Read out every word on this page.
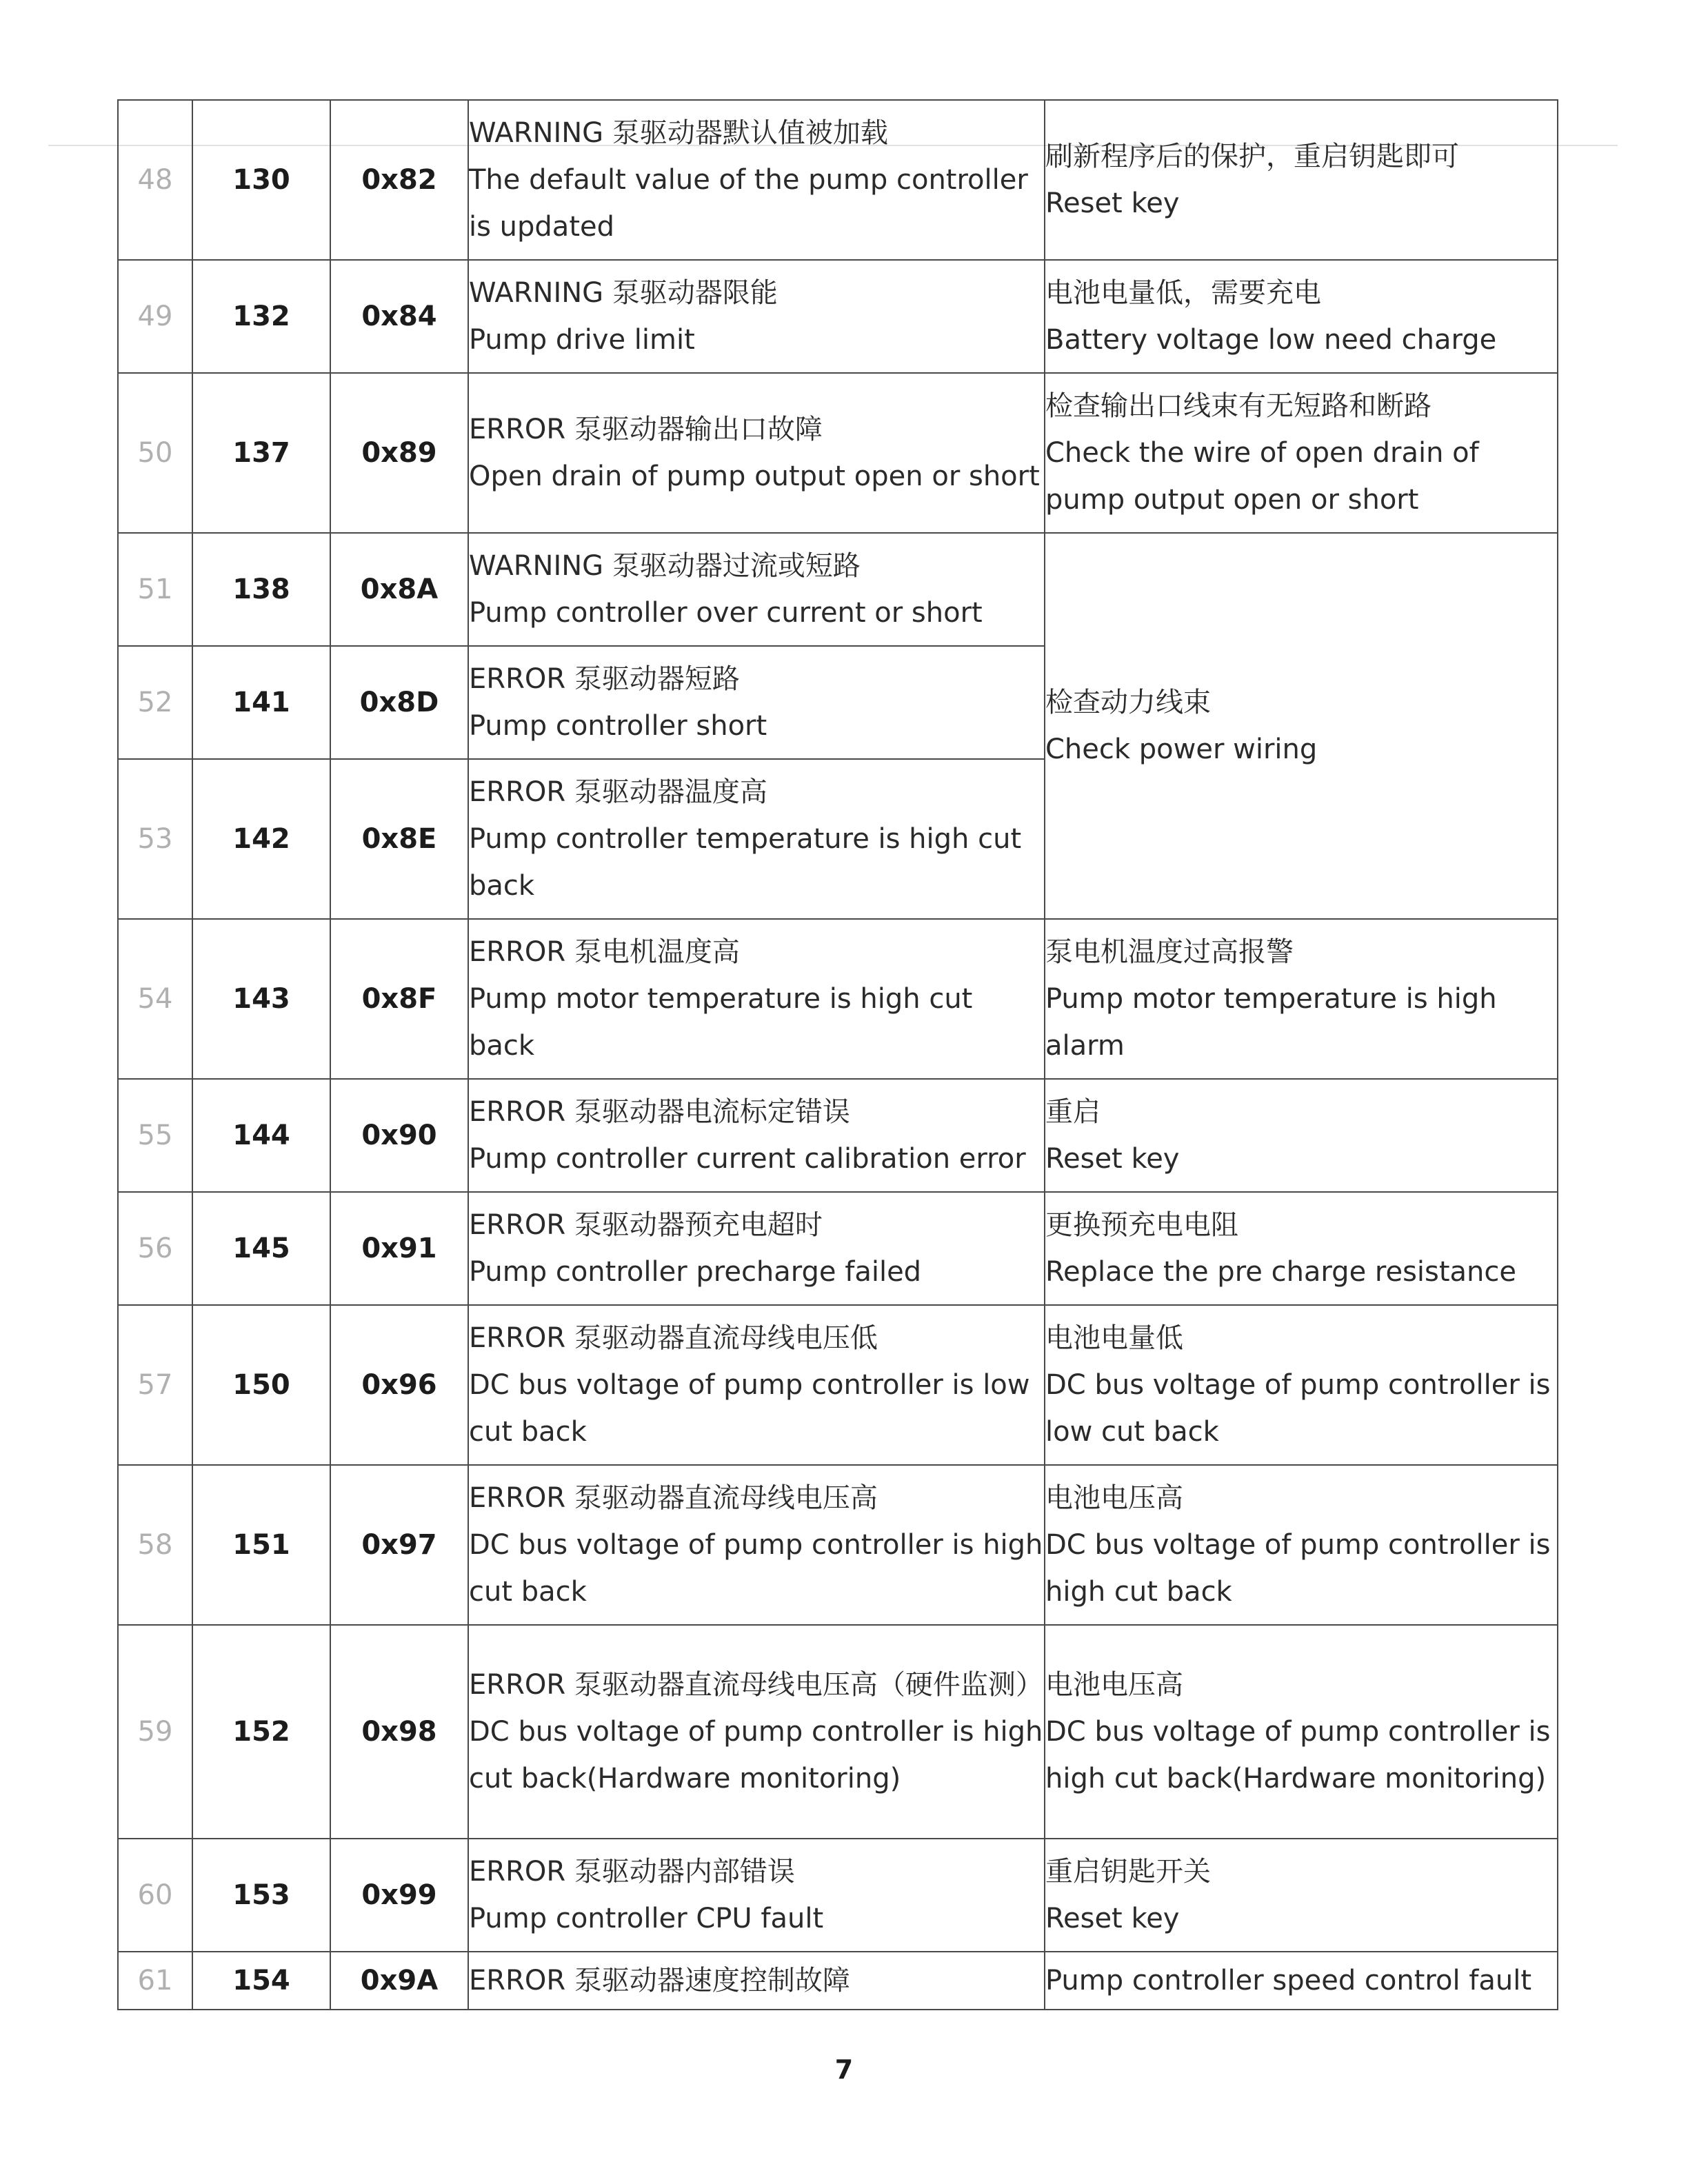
48	130	0x82	WARNING 泵驱动器默认值被加载
The default value of the pump controller is updated	刷新程序后的保护，重启钥匙即可
Reset key

49	132	0x84	WARNING 泵驱动器限能
Pump drive limit	电池电量低，需要充电
Battery voltage low need charge

50	137	0x89	ERROR 泵驱动器输出口故障
Open drain of pump output open or short	检查输出口线束有无短路和断路
Check the wire of open drain of pump output open or short

51	138	0x8A	WARNING 泵驱动器过流或短路
Pump controller over current or short	检查动力线束
Check power wiring

52	141	0x8D	ERROR 泵驱动器短路
Pump controller short	

53	142	0x8E	ERROR 泵驱动器温度高
Pump controller temperature is high cut back	

54	143	0x8F	ERROR 泵电机温度高
Pump motor temperature is high cut back	泵电机温度过高报警
Pump motor temperature is high alarm

55	144	0x90	ERROR 泵驱动器电流标定错误
Pump controller current calibration error	重启
Reset key

56	145	0x91	ERROR 泵驱动器预充电超时
Pump controller precharge failed	更换预充电电阻
Replace the pre charge resistance

57	150	0x96	ERROR 泵驱动器直流母线电压低
DC bus voltage of pump controller is low cut back	电池电量低
DC bus voltage of pump controller is low cut back

58	151	0x97	ERROR 泵驱动器直流母线电压高
DC bus voltage of pump controller is high cut back	电池电压高
DC bus voltage of pump controller is high cut back

59	152	0x98	ERROR 泵驱动器直流母线电压高（硬件监测）
DC bus voltage of pump controller is high cut back(Hardware monitoring)	电池电压高
DC bus voltage of pump controller is high cut back(Hardware monitoring)

60	153	0x99	ERROR 泵驱动器内部错误
Pump controller CPU fault	重启钥匙开关
Reset key

61	154	0x9A	ERROR 泵驱动器速度控制故障	Pump controller speed control fault
7
